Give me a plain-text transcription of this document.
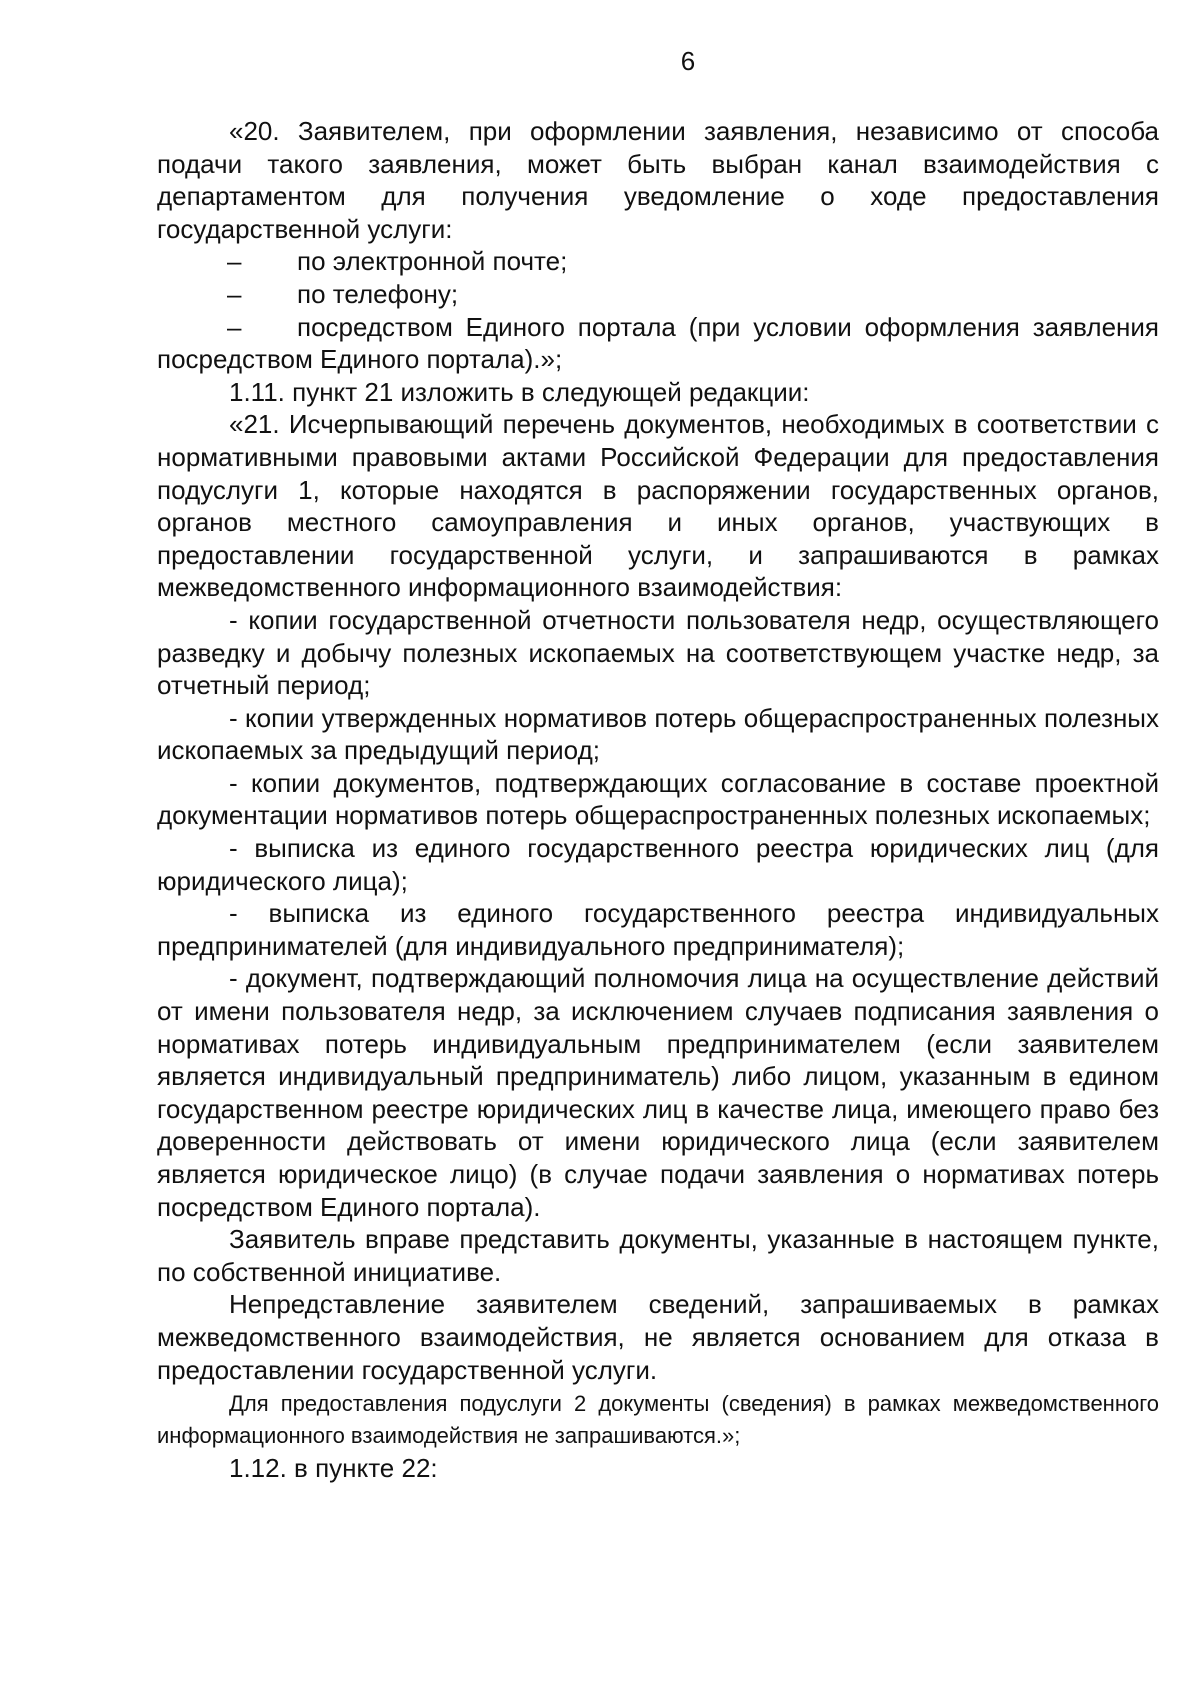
6

«20. Заявителем, при оформлении заявления, независимо от способа подачи такого заявления, может быть выбран канал взаимодействия с департаментом для получения уведомление о ходе предоставления государственной услуги:

– по электронной почте;

– по телефону;

– посредством Единого портала (при условии оформления заявления посредством Единого портала).»;

1.11. пункт 21 изложить в следующей редакции:

«21. Исчерпывающий перечень документов, необходимых в соответствии с нормативными правовыми актами Российской Федерации для предоставления подуслуги 1, которые находятся в распоряжении государственных органов, органов местного самоуправления и иных органов, участвующих в предоставлении государственной услуги, и запрашиваются в рамках межведомственного информационного взаимодействия:

- копии государственной отчетности пользователя недр, осуществляющего разведку и добычу полезных ископаемых на соответствующем участке недр, за отчетный период;

- копии утвержденных нормативов потерь общераспространенных полезных ископаемых за предыдущий период;

- копии документов, подтверждающих согласование в составе проектной документации нормативов потерь общераспространенных полезных ископаемых;

- выписка из единого государственного реестра юридических лиц (для юридического лица);

- выписка из единого государственного реестра индивидуальных предпринимателей (для индивидуального предпринимателя);

- документ, подтверждающий полномочия лица на осуществление действий от имени пользователя недр, за исключением случаев подписания заявления о нормативах потерь индивидуальным предпринимателем (если заявителем является индивидуальный предприниматель) либо лицом, указанным в едином государственном реестре юридических лиц в качестве лица, имеющего право без доверенности действовать от имени юридического лица (если заявителем является юридическое лицо) (в случае подачи заявления о нормативах потерь посредством Единого портала).

Заявитель вправе представить документы, указанные в настоящем пункте, по собственной инициативе.

Непредставление заявителем сведений, запрашиваемых в рамках межведомственного взаимодействия, не является основанием для отказа в предоставлении государственной услуги.

Для предоставления подуслуги 2 документы (сведения) в рамках межведомственного информационного взаимодействия не запрашиваются.»;

1.12. в пункте 22:
